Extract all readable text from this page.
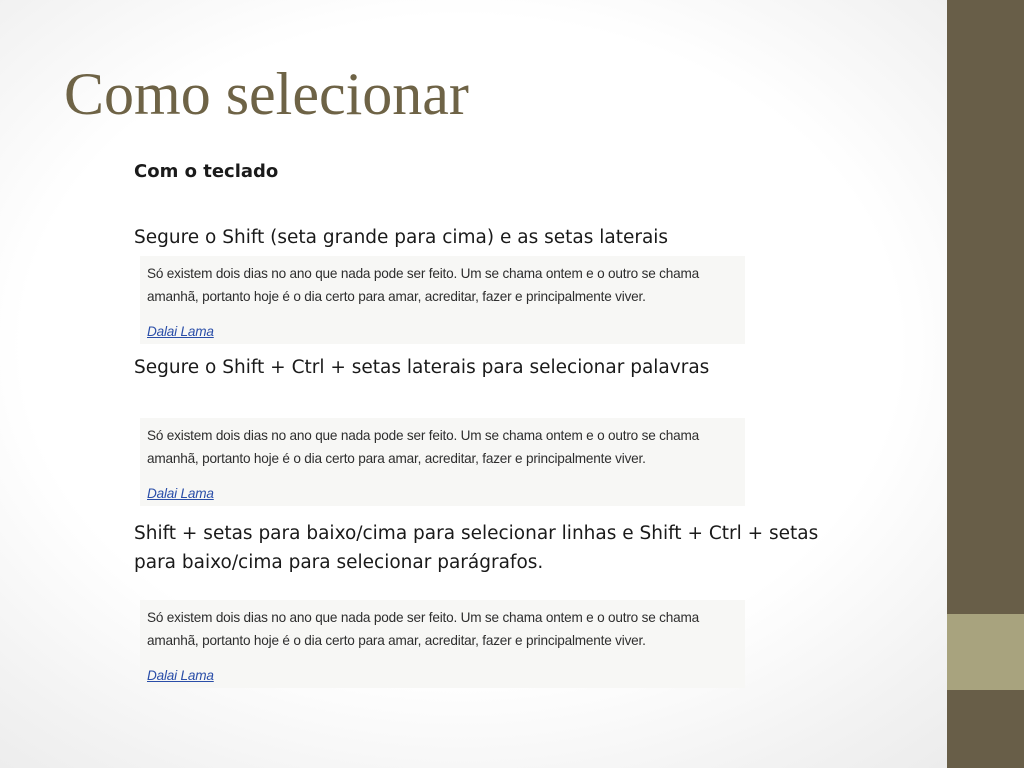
Como selecionar

Com o teclado

Segure o Shift (seta grande para cima) e as setas laterais

Só existem dois dias no ano que nada pode ser feito. Um se chama ontem e o outro se chama
amanhã, portanto hoje é o dia certo para amar, acreditar, fazer e principalmente viver.
Dalai Lama

Segure o Shift + Ctrl + setas laterais para selecionar palavras

Só existem dois dias no ano que nada pode ser feito. Um se chama ontem e o outro se chama
amanhã, portanto hoje é o dia certo para amar, acreditar, fazer e principalmente viver.
Dalai Lama

Shift + setas para baixo/cima para selecionar linhas e Shift + Ctrl + setas para baixo/cima para selecionar parágrafos.

Só existem dois dias no ano que nada pode ser feito. Um se chama ontem e o outro se chama
amanhã, portanto hoje é o dia certo para amar, acreditar, fazer e principalmente viver.
Dalai Lama
